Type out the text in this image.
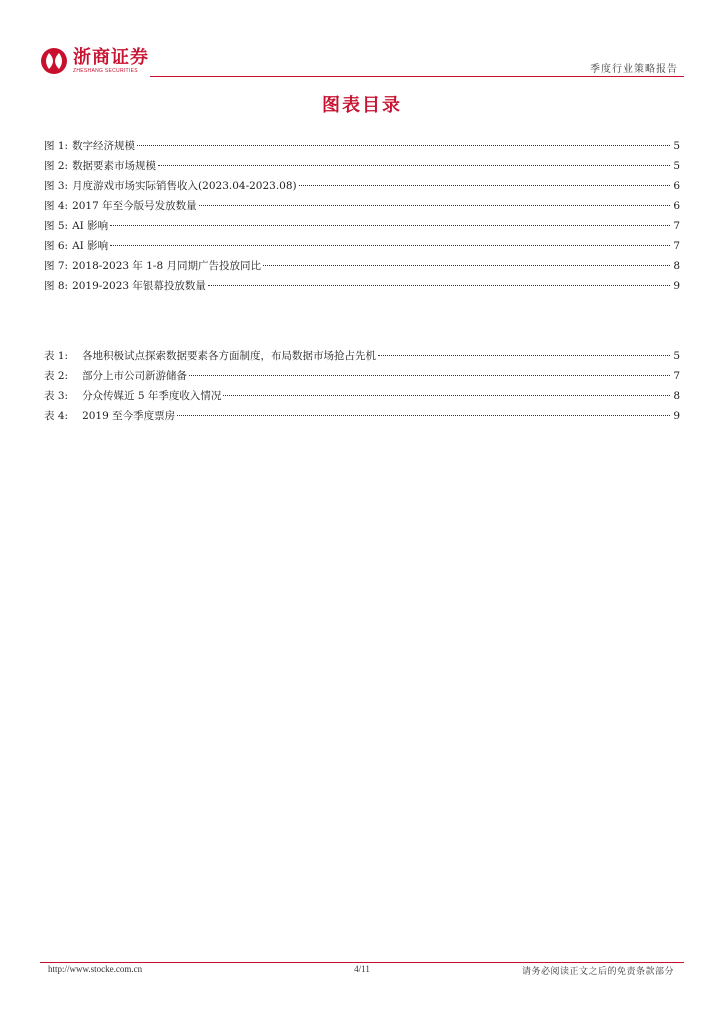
浙商证券
ZHESHANG SECURITIES	季度行业策略报告
图表目录
图 1: 数字经济规模	5
图 2: 数据要素市场规模	5
图 3: 月度游戏市场实际销售收入(2023.04-2023.08)	6
图 4: 2017 年至今版号发放数量	6
图 5: AI 影响	7
图 6: AI 影响	7
图 7: 2018-2023 年 1-8 月同期广告投放同比	8
图 8: 2019-2023 年银幕投放数量	9
表 1: 各地积极试点探索数据要素各方面制度，布局数据市场抢占先机	5
表 2: 部分上市公司新游储备	7
表 3: 分众传媒近 5 年季度收入情况	8
表 4: 2019 至今季度票房	9
http://www.stocke.com.cn	4/11	请务必阅读正文之后的免责条款部分
